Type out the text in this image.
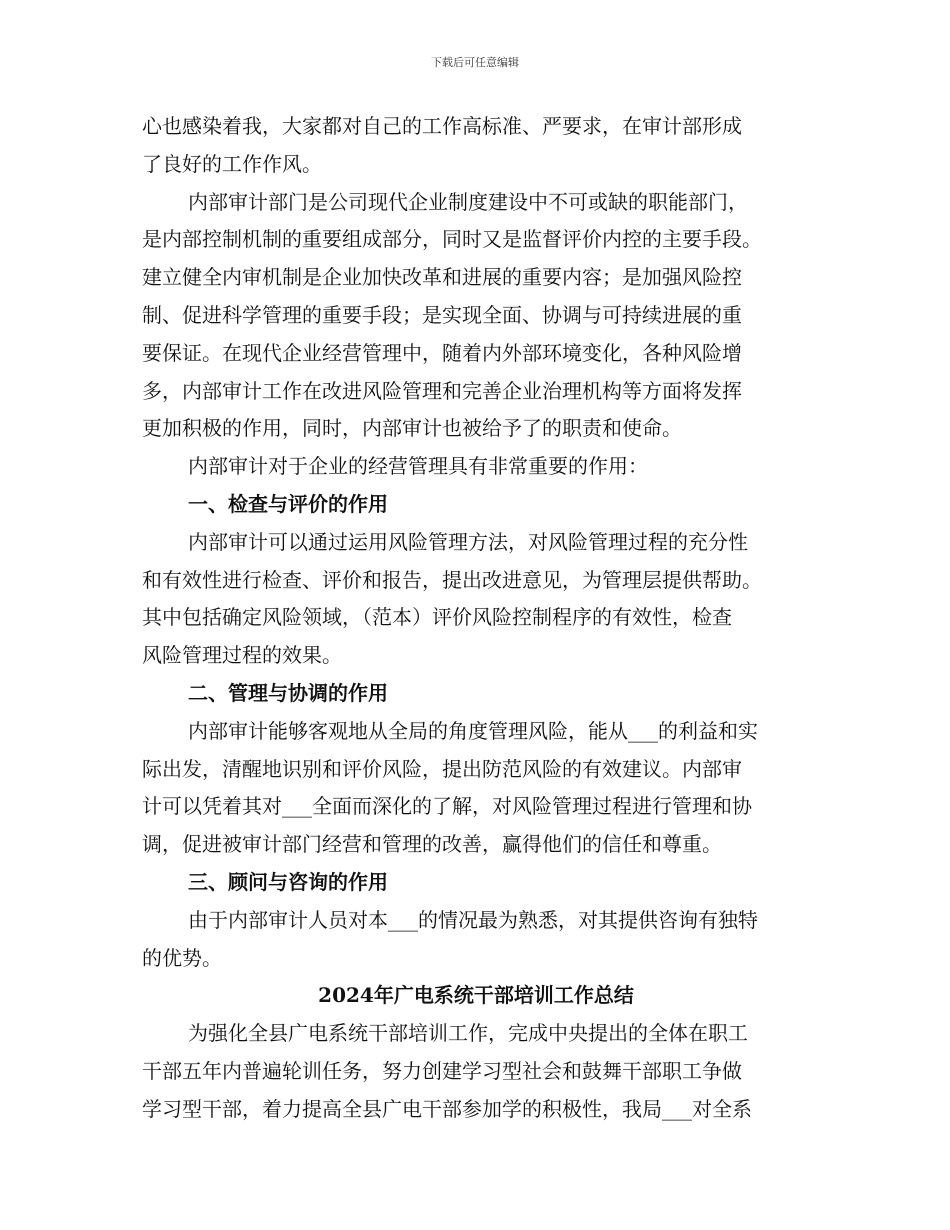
下载后可任意编辑
心也感染着我，大家都对自己的工作高标准、严要求，在审计部形成
了良好的工作作风。
内部审计部门是公司现代企业制度建设中不可或缺的职能部门，
是内部控制机制的重要组成部分，同时又是监督评价内控的主要手段。
建立健全内审机制是企业加快改革和进展的重要内容；是加强风险控
制、促进科学管理的重要手段；是实现全面、协调与可持续进展的重
要保证。在现代企业经营管理中，随着内外部环境变化，各种风险增
多，内部审计工作在改进风险管理和完善企业治理机构等方面将发挥
更加积极的作用，同时，内部审计也被给予了的职责和使命。
内部审计对于企业的经营管理具有非常重要的作用：
一、检查与评价的作用
内部审计可以通过运用风险管理方法，对风险管理过程的充分性
和有效性进行检查、评价和报告，提出改进意见，为管理层提供帮助。
其中包括确定风险领域，（范本）评价风险控制程序的有效性，检查
风险管理过程的效果。
二、管理与协调的作用
内部审计能够客观地从全局的角度管理风险，能从___的利益和实
际出发，清醒地识别和评价风险，提出防范风险的有效建议。内部审
计可以凭着其对___全面而深化的了解，对风险管理过程进行管理和协
调，促进被审计部门经营和管理的改善，赢得他们的信任和尊重。
三、顾问与咨询的作用
由于内部审计人员对本___的情况最为熟悉，对其提供咨询有独特
的优势。
2024年广电系统干部培训工作总结
为强化全县广电系统干部培训工作，完成中央提出的全体在职工
干部五年内普遍轮训任务，努力创建学习型社会和鼓舞干部职工争做
学习型干部，着力提高全县广电干部参加学的积极性，我局___对全系
